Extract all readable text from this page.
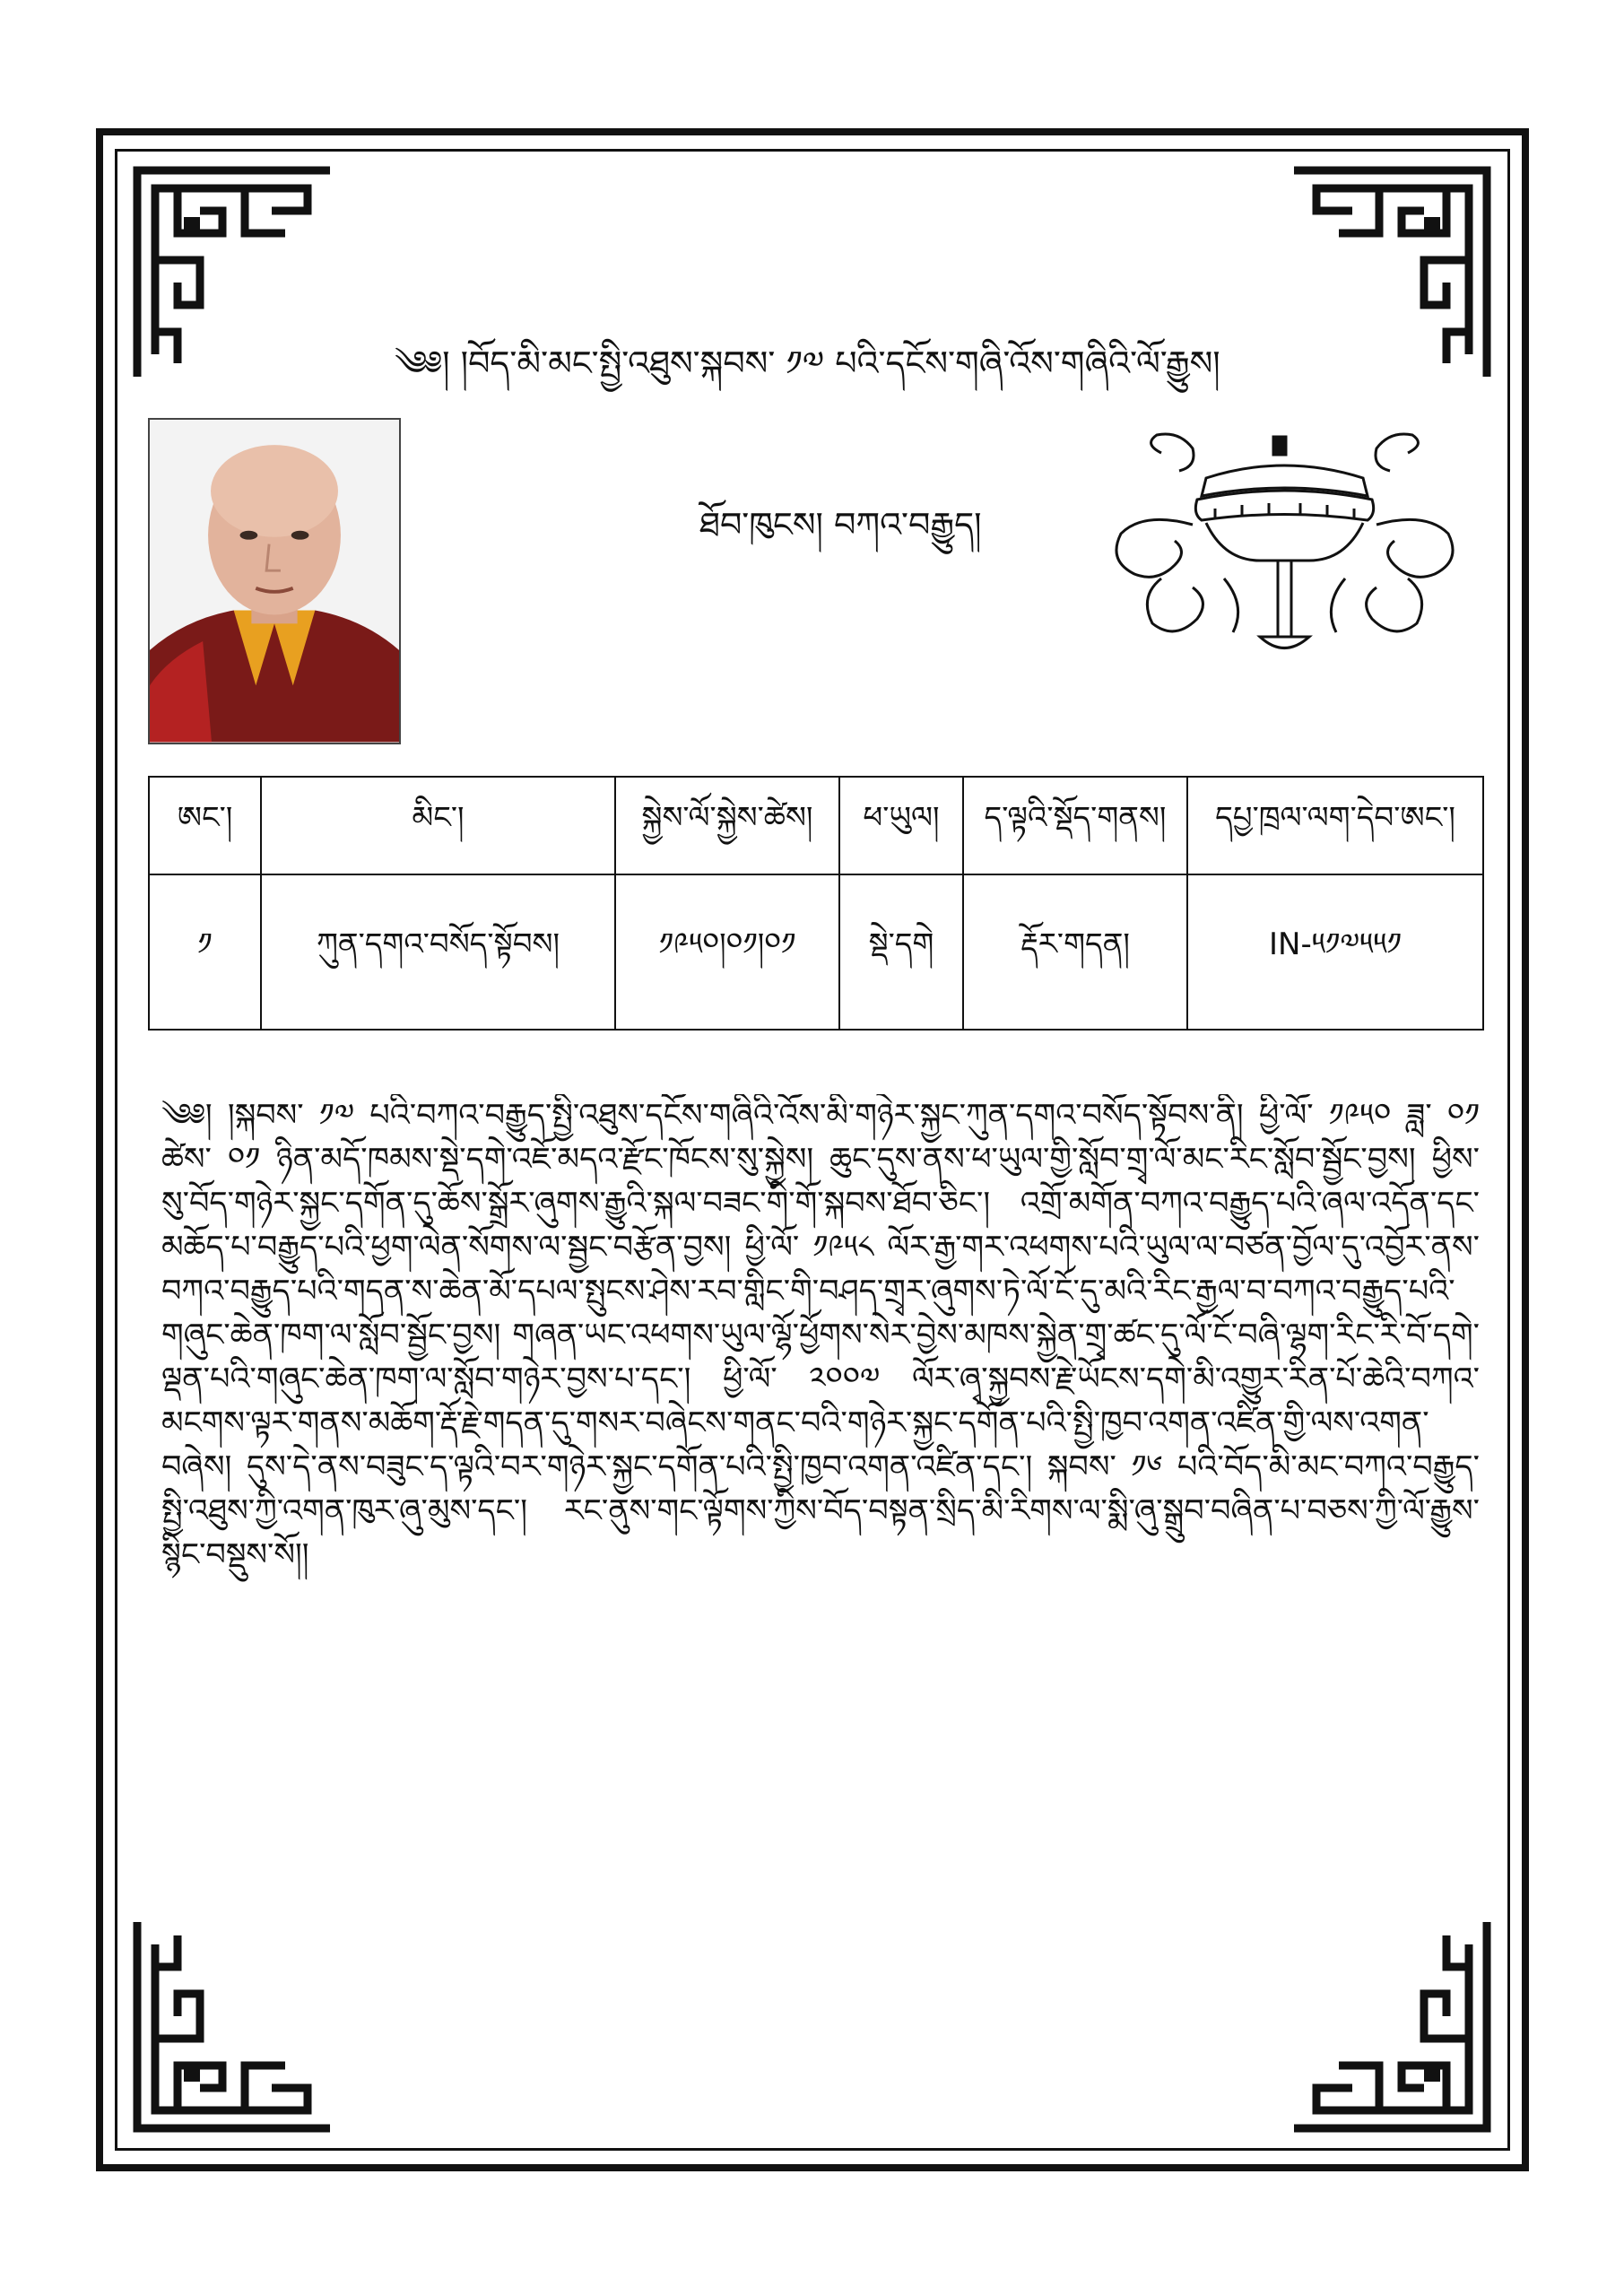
༄༅། །བོད་མི་མང་སྤྱི་འཐུས་སྐབས་ ༡༧ པའི་དངོས་གཞི་འོས་གཞིའི་ལོ་རྒྱུས།
ཐོབ་ཁུངས། བཀའ་བརྒྱུད།
ཨང་།	མིང་།	སྐྱེས་ལོ་སྐྱེས་ཚེས།	ཕ་ཡུལ།	ད་ལྟའི་སྡོད་གནས།	དཔྱ་ཁྲལ་ལག་དེབ་ཨང་།
༡	ཀུན་དགའ་བསོད་སྟོབས།	༡༩༥༠།༠༡།༠༡	སྡེ་དགེ	རྡོར་གདན།	IN-༥༡༧༥༥༡
༄༅། །སྐབས་ ༡༧ པའི་བཀའ་བརྒྱུད་སྤྱི་འཐུས་དངོས་གཞིའི་འོས་མི་གཉེར་སྐྱང་ཀུན་དགའ་བསོད་སྟོབས་ནི། ཕྱི་ལོ་ ༡༩༥༠ ཟླ་ ༠༡ ཚེས་ ༠༡ ཉིན་མདོ་ཁམས་སྡེ་དགེ་འཇོ་མདའ་རྫོང་ཁོངས་སུ་སྐྱེས། ཆུང་དུས་ནས་ཕ་ཡུལ་གྱི་སློབ་གྲྭ་ལོ་མང་རིང་སློབ་སྦྱོང་བྱས། ཕྱིས་སུ་བོད་གཉེར་སྐྱང་དགོན་དུ་ཆོས་སྒྲོར་ཞུགས་རྒྱུའི་སྐལ་བཟང་གི་གོ་སྐབས་ཐོབ་ཅིང་། འགྲོ་མགོན་བཀའ་བརྒྱུད་པའི་ཞལ་འདོན་དང་མཆོད་པ་བརྒྱུད་པའི་ཕྱག་ལེན་སོགས་ལ་སྦྱང་བརྩོན་བྱས། ཕྱི་ལོ་ ༡༩༥༨ ལོར་རྒྱ་གར་འཕགས་པའི་ཡུལ་ལ་བཙན་བྱོལ་དུ་འབྱོར་ནས་བཀའ་བརྒྱུད་པའི་གདན་ས་ཆེན་མོ་དཔལ་སྤུངས་ཤེས་རབ་གླིང་གི་བཤད་གྲྭར་ཞུགས་ཏེ་ལོ་ངོ་དུ་མའི་རིང་རྒྱལ་བ་བཀའ་བརྒྱུད་པའི་གཞུང་ཆེན་ཁག་ལ་སློབ་སྦྱོང་བྱས། གཞན་ཡང་འཕགས་ཡུལ་ལྷོ་ཕྱོགས་སེར་བྱེས་མཁས་སྐྱེན་གྲྭ་ཚང་དུ་ལོ་ངོ་བཞི་ལྷག་རིང་རི་བོ་དགེ་ལྡན་པའི་གཞུང་ཆེན་ཁག་ལ་སློབ་གཉེར་བྱས་པ་དང་། ཕྱི་ལོ་ ༢༠༠༧ ལོར་ཞྭ་སྐྱབས་རྗེ་ཡོངས་དགེ་མི་འགྱུར་རིན་པོ་ཆེའི་བཀའ་མངགས་ལྟར་གནས་མཆོག་རྡོ་རྗེ་གདན་དུ་གསར་བཞེངས་གནང་བའི་གཉེར་སྐྱང་དགོན་པའི་སྤྱི་ཁྱབ་འགན་འཛིན་གྱི་ལས་འགན་བཞེས། དུས་དེ་ནས་བཟུང་ད་ལྟའི་བར་གཉེར་སྐྱང་དགོན་པའི་སྤྱི་ཁྱབ་འགན་འཛིན་དང་། སྐབས་ ༡༦ པའི་བོད་མི་མང་བཀའ་བརྒྱུད་སྤྱི་འཐུས་ཀྱི་འགན་ཁུར་ཞུ་མུས་དང་། རང་ནུས་གང་ལྟོགས་ཀྱིས་བོད་བསྟན་སྲིད་མི་རིགས་ལ་སྨི་ཞུ་སྒྲུབ་བཞིན་པ་བཅས་ཀྱི་ལོ་རྒྱུས་སྙིང་བསྡུས་སོ།།
